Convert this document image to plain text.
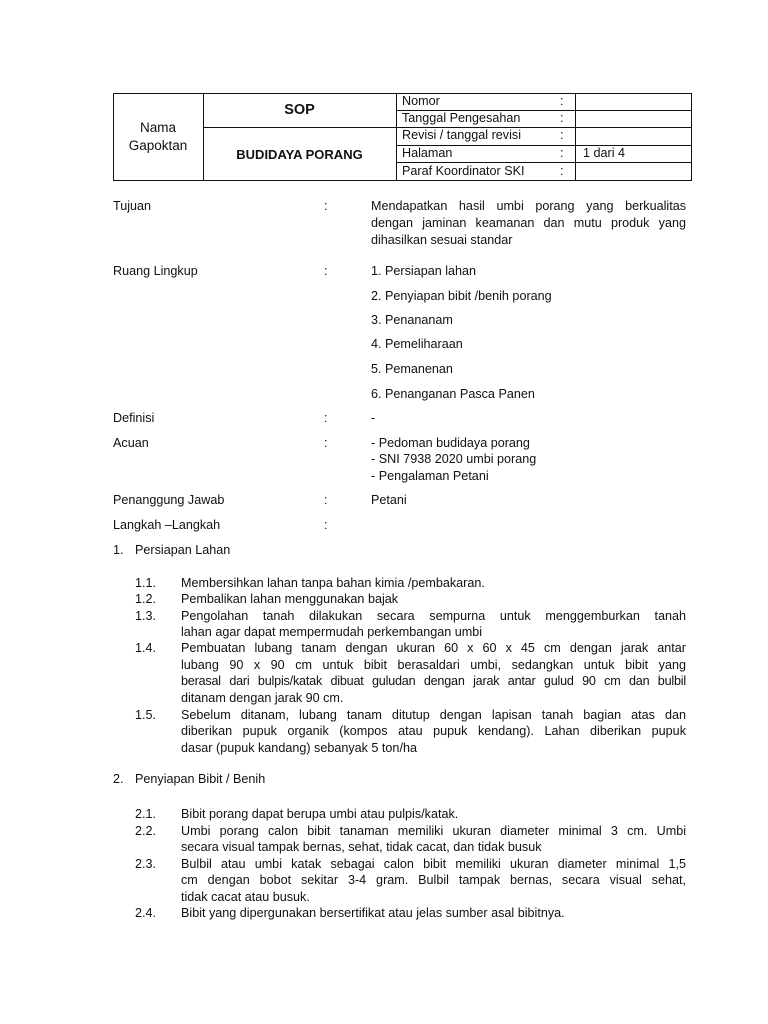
Nama
Gapoktan
SOP
BUDIDAYA PORANG
Nomor	:
Tanggal Pengesahan	:
Revisi / tanggal revisi	:
Halaman	: 1 dari 4
Paraf Koordinator SKI	:
Tujuan	:	Mendapatkan hasil umbi porang yang berkualitas
dengan jaminan keamanan dan mutu produk yang
dihasilkan sesuai standar
Ruang Lingkup	:	1. Persiapan lahan
2. Penyiapan bibit /benih porang
3. Penananam
4. Pemeliharaan
5. Pemanenan
6. Penanganan Pasca Panen
Definisi	:	-
Acuan	:	- Pedoman budidaya porang
- SNI 7938 2020 umbi porang
- Pengalaman Petani
Penanggung Jawab	:	Petani
Langkah –Langkah	:
1. Persiapan Lahan
1.1. Membersihkan lahan tanpa bahan kimia /pembakaran.
1.2. Pembalikan lahan menggunakan bajak
1.3. Pengolahan tanah dilakukan secara sempurna untuk menggemburkan tanah
lahan agar dapat mempermudah perkembangan umbi
1.4. Pembuatan lubang tanam dengan ukuran 60 x 60 x 45 cm dengan jarak antar
lubang 90 x 90 cm untuk bibit berasaldari umbi, sedangkan untuk bibit yang
berasal dari bulpis/katak dibuat guludan dengan jarak antar gulud 90 cm dan bulbil
ditanam dengan jarak 90 cm.
1.5. Sebelum ditanam, lubang tanam ditutup dengan lapisan tanah bagian atas dan
diberikan pupuk organik (kompos atau pupuk kendang). Lahan diberikan pupuk
dasar (pupuk kandang) sebanyak 5 ton/ha
2. Penyiapan Bibit / Benih
2.1. Bibit porang dapat berupa umbi atau pulpis/katak.
2.2. Umbi porang calon bibit tanaman memiliki ukuran diameter minimal 3 cm. Umbi
secara visual tampak bernas, sehat, tidak cacat, dan tidak busuk
2.3. Bulbil atau umbi katak sebagai calon bibit memiliki ukuran diameter minimal 1,5
cm dengan bobot sekitar 3-4 gram. Bulbil tampak bernas, secara visual sehat,
tidak cacat atau busuk.
2.4. Bibit yang dipergunakan bersertifikat atau jelas sumber asal bibitnya.
